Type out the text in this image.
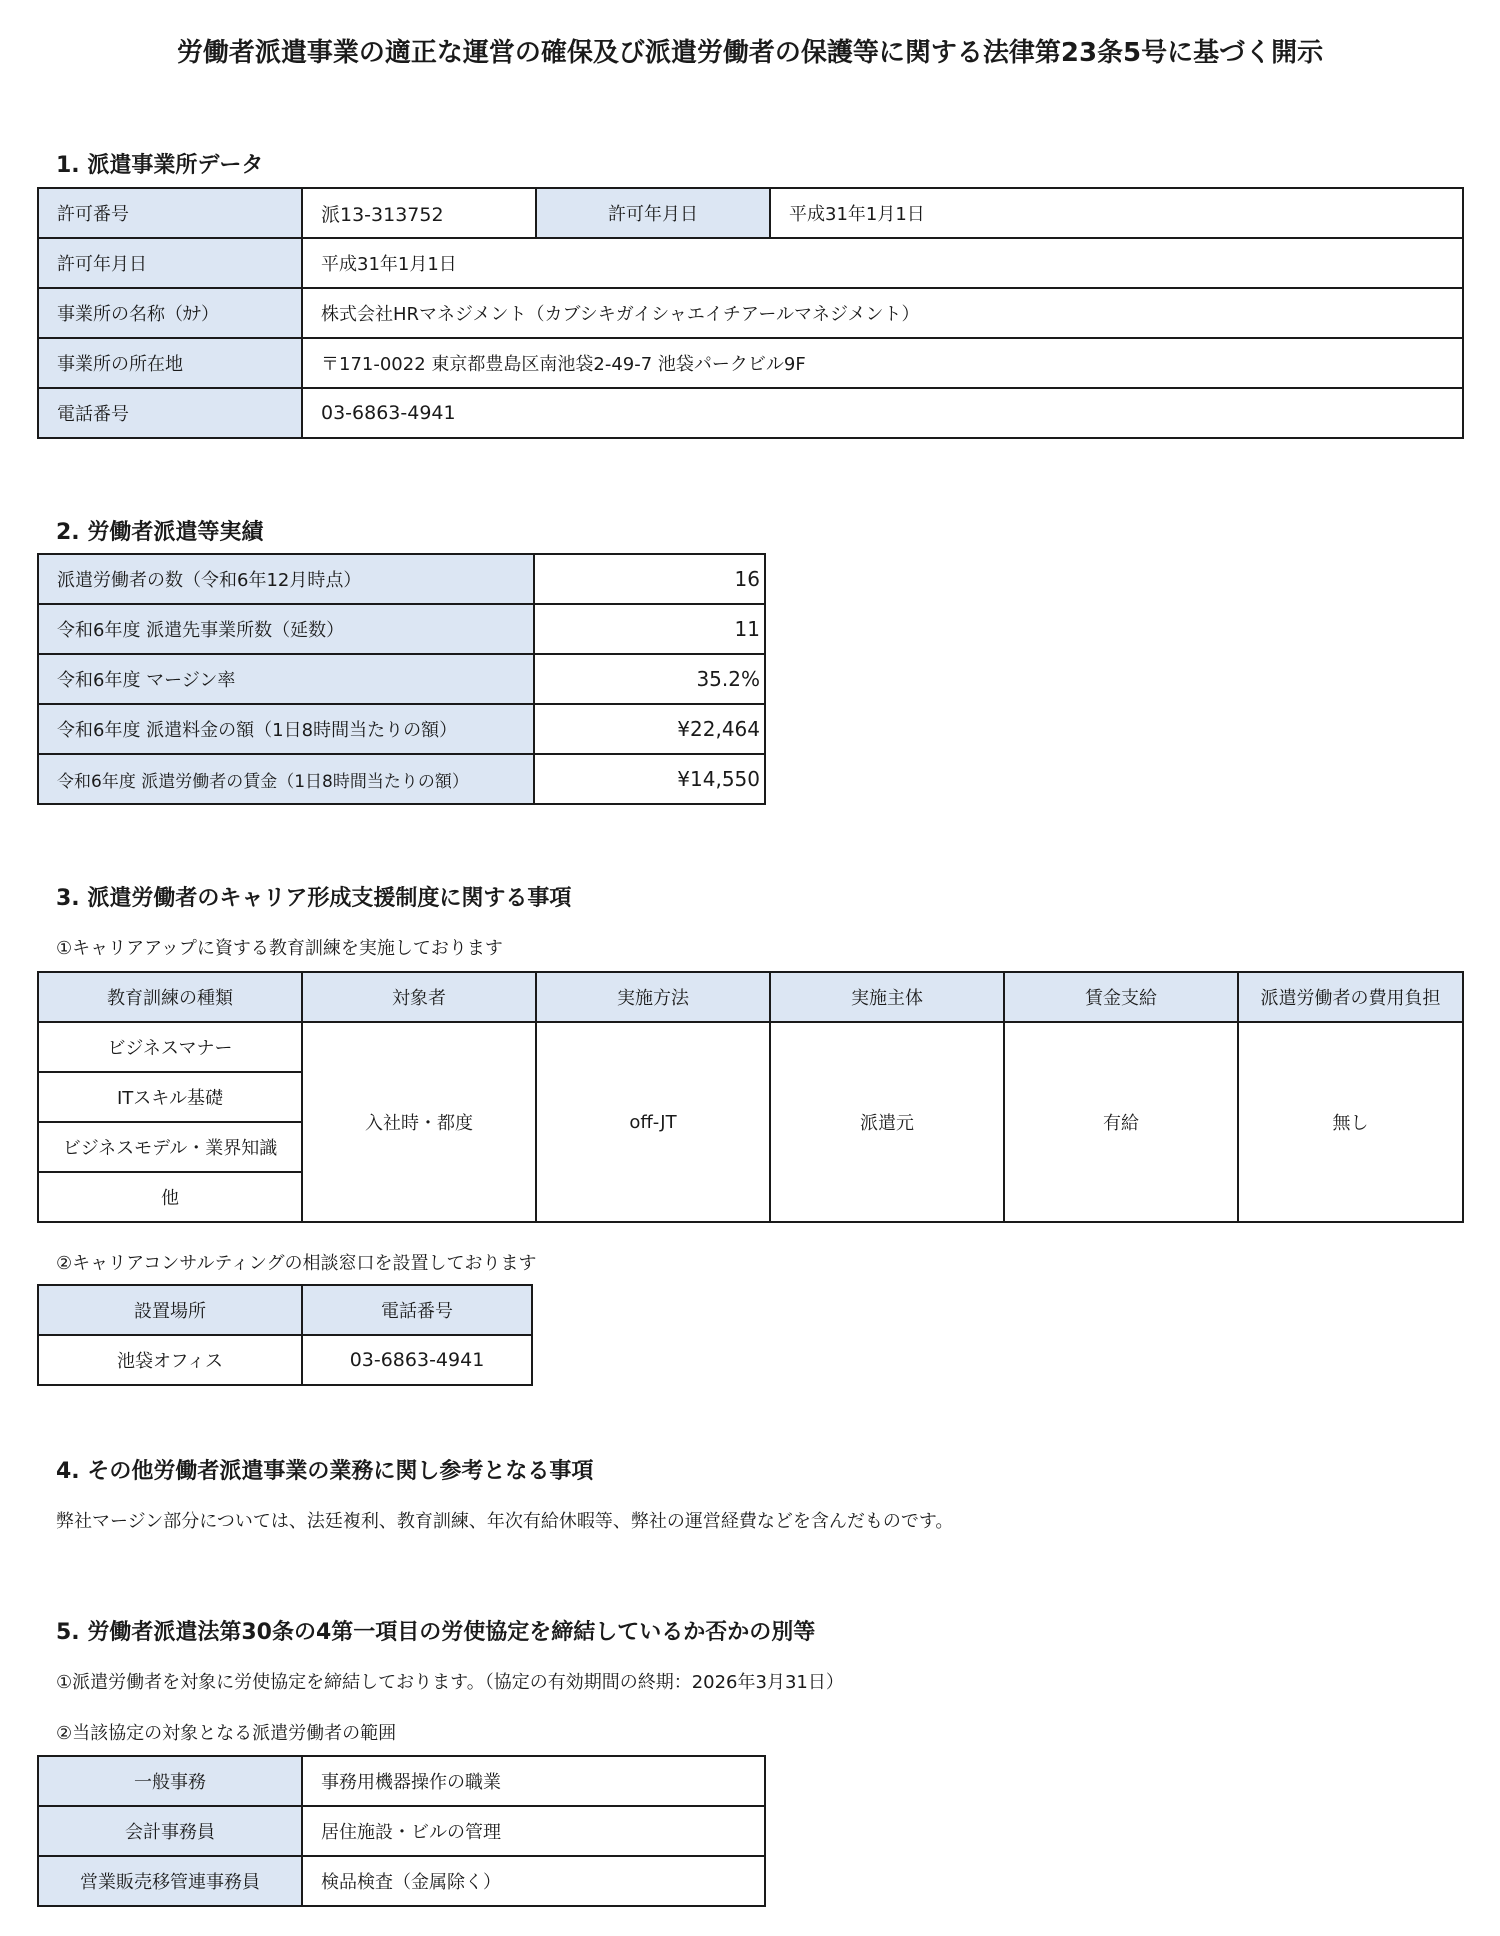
労働者派遣事業の適正な運営の確保及び派遣労働者の保護等に関する法律第23条5号に基づく開示
1. 派遣事業所データ
許可番号	派13-313752	許可年月日	平成31年1月1日
許可年月日	平成31年1月1日		
事業所の名称（ｶﾅ）	株式会社HRマネジメント（カブシキガイシャエイチアールマネジメント）		
事業所の所在地	〒171-0022 東京都豊島区南池袋2-49-7 池袋パークビル9F		
電話番号	03-6863-4941		
2. 労働者派遣等実績
派遣労働者の数（令和6年12月時点）	16
令和6年度 派遣先事業所数（延数）	11
令和6年度 マージン率	35.2%
令和6年度 派遣料金の額（1日8時間当たりの額）	¥22,464
令和6年度 派遣労働者の賃金（1日8時間当たりの額）	¥14,550
3. 派遣労働者のキャリア形成支援制度に関する事項
①キャリアアップに資する教育訓練を実施しております
教育訓練の種類	対象者	実施方法	実施主体	賃金支給	派遣労働者の費用負担
ビジネスマナー	入社時・都度	off-JT	派遣元	有給	無し
ITスキル基礎					
ビジネスモデル・業界知識					
他					
②キャリアコンサルティングの相談窓口を設置しております
設置場所	電話番号
池袋オフィス	03-6863-4941
4. その他労働者派遣事業の業務に関し参考となる事項
弊社マージン部分については、法廷複利、教育訓練、年次有給休暇等、弊社の運営経費などを含んだものです。
5. 労働者派遣法第30条の4第一項目の労使協定を締結しているか否かの別等
①派遣労働者を対象に労使協定を締結しております。（協定の有効期間の終期：2026年3月31日）
②当該協定の対象となる派遣労働者の範囲
一般事務	事務用機器操作の職業
会計事務員	居住施設・ビルの管理
営業販売移管連事務員	検品検査（金属除く）
